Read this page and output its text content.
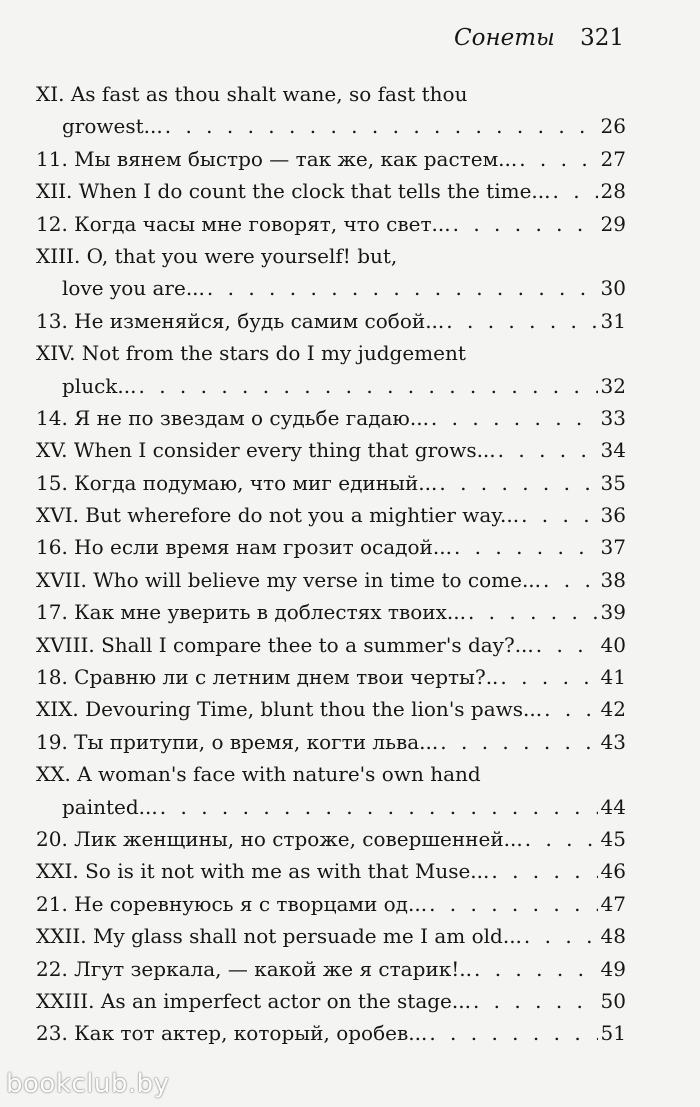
Сонеты 321
XI. As fast as thou shalt wane, so fast thou
growest... . . .	26
11. Мы вянем быстро — так же, как растем... . . .	27
XII. When I do count the clock that tells the time... . . .	28
12. Когда часы мне говорят, что свет... . . .	29
XIII. O, that you were yourself! but,
love you are... . . .	30
13. Не изменяйся, будь самим собой... . . .	31
XIV. Not from the stars do I my judgement
pluck... . . .	32
14. Я не по звездам о судьбе гадаю... . . .	33
XV. When I consider every thing that grows... . . .	34
15. Когда подумаю, что миг единый... . . .	35
XVI. But wherefore do not you a mightier way... . . .	36
16. Но если время нам грозит осадой... . . .	37
XVII. Who will believe my verse in time to come... . . .	38
17. Как мне уверить в доблестях твоих... . . .	39
XVIII. Shall I compare thee to a summer's day?... . . .	40
18. Сравню ли с летним днем твои черты?.. . . .	41
XIX. Devouring Time, blunt thou the lion's paws... . . .	42
19. Ты притупи, о время, когти льва... . . .	43
XX. A woman's face with nature's own hand
painted... . . .	44
20. Лик женщины, но строже, совершенней... . . .	45
XXI. So is it not with me as with that Muse... . . .	46
21. Не соревнуюсь я с творцами од... . . .	47
XXII. My glass shall not persuade me I am old... . . .	48
22. Лгут зеркала, — какой же я старик!.. . . .	49
XXIII. As an imperfect actor on the stage... . . .	50
23. Как тот актер, который, оробев... . . .	51
bookclub.by
